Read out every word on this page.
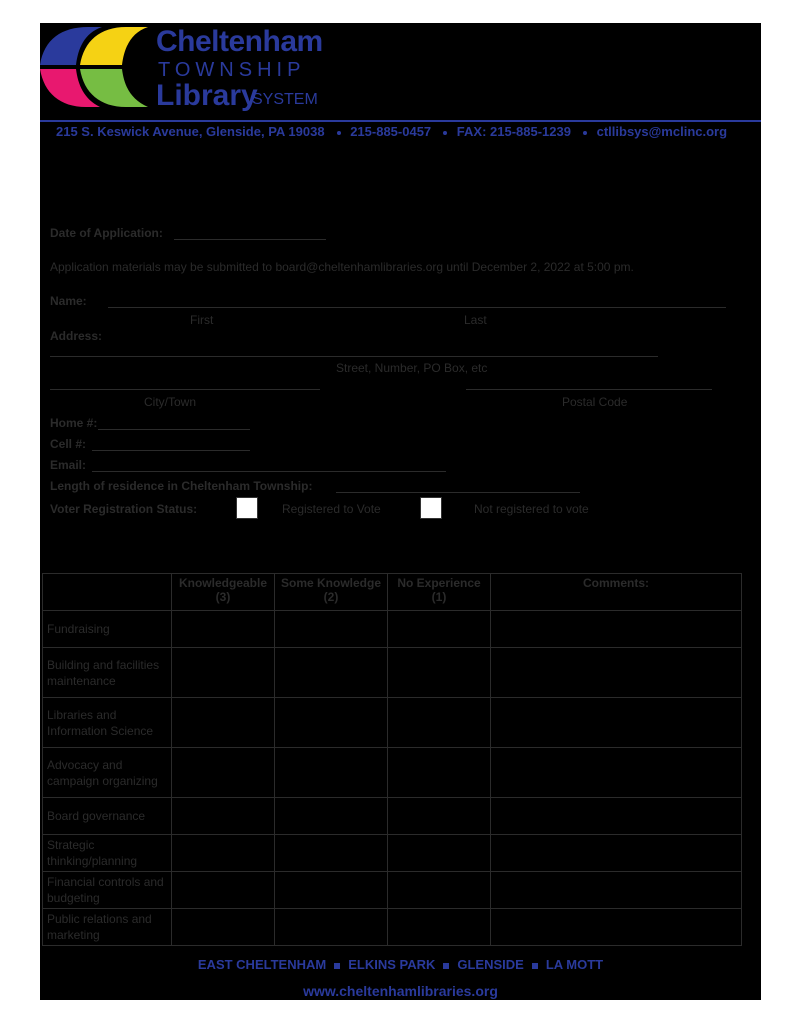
Cheltenham
TOWNSHIP
Library
SYSTEM
215 S. Keswick Avenue, Glenside, PA 19038 215-885-0457 FAX: 215-885-1239 ctllibsys@mclinc.org
Date of Application:
Application materials may be submitted to board@cheltenhamlibraries.org until December 2, 2022 at 5:00 pm.
Name:
First	Last
Address:
Street, Number, PO Box, etc
City/Town	Postal Code
Home #:
Cell #:
Email:
Length of residence in Cheltenham Township:
Voter Registration Status:	Registered to Vote	Not registered to vote
	Knowledgeable (3)	Some Knowledge (2)	No Experience (1)	Comments:
Fundraising				
Building and facilities maintenance				
Libraries and Information Science				
Advocacy and campaign organizing				
Board governance				
Strategic thinking/planning				
Financial controls and budgeting				
Public relations and marketing				
EAST CHELTENHAM ELKINS PARK GLENSIDE LA MOTT
www.cheltenhamlibraries.org
